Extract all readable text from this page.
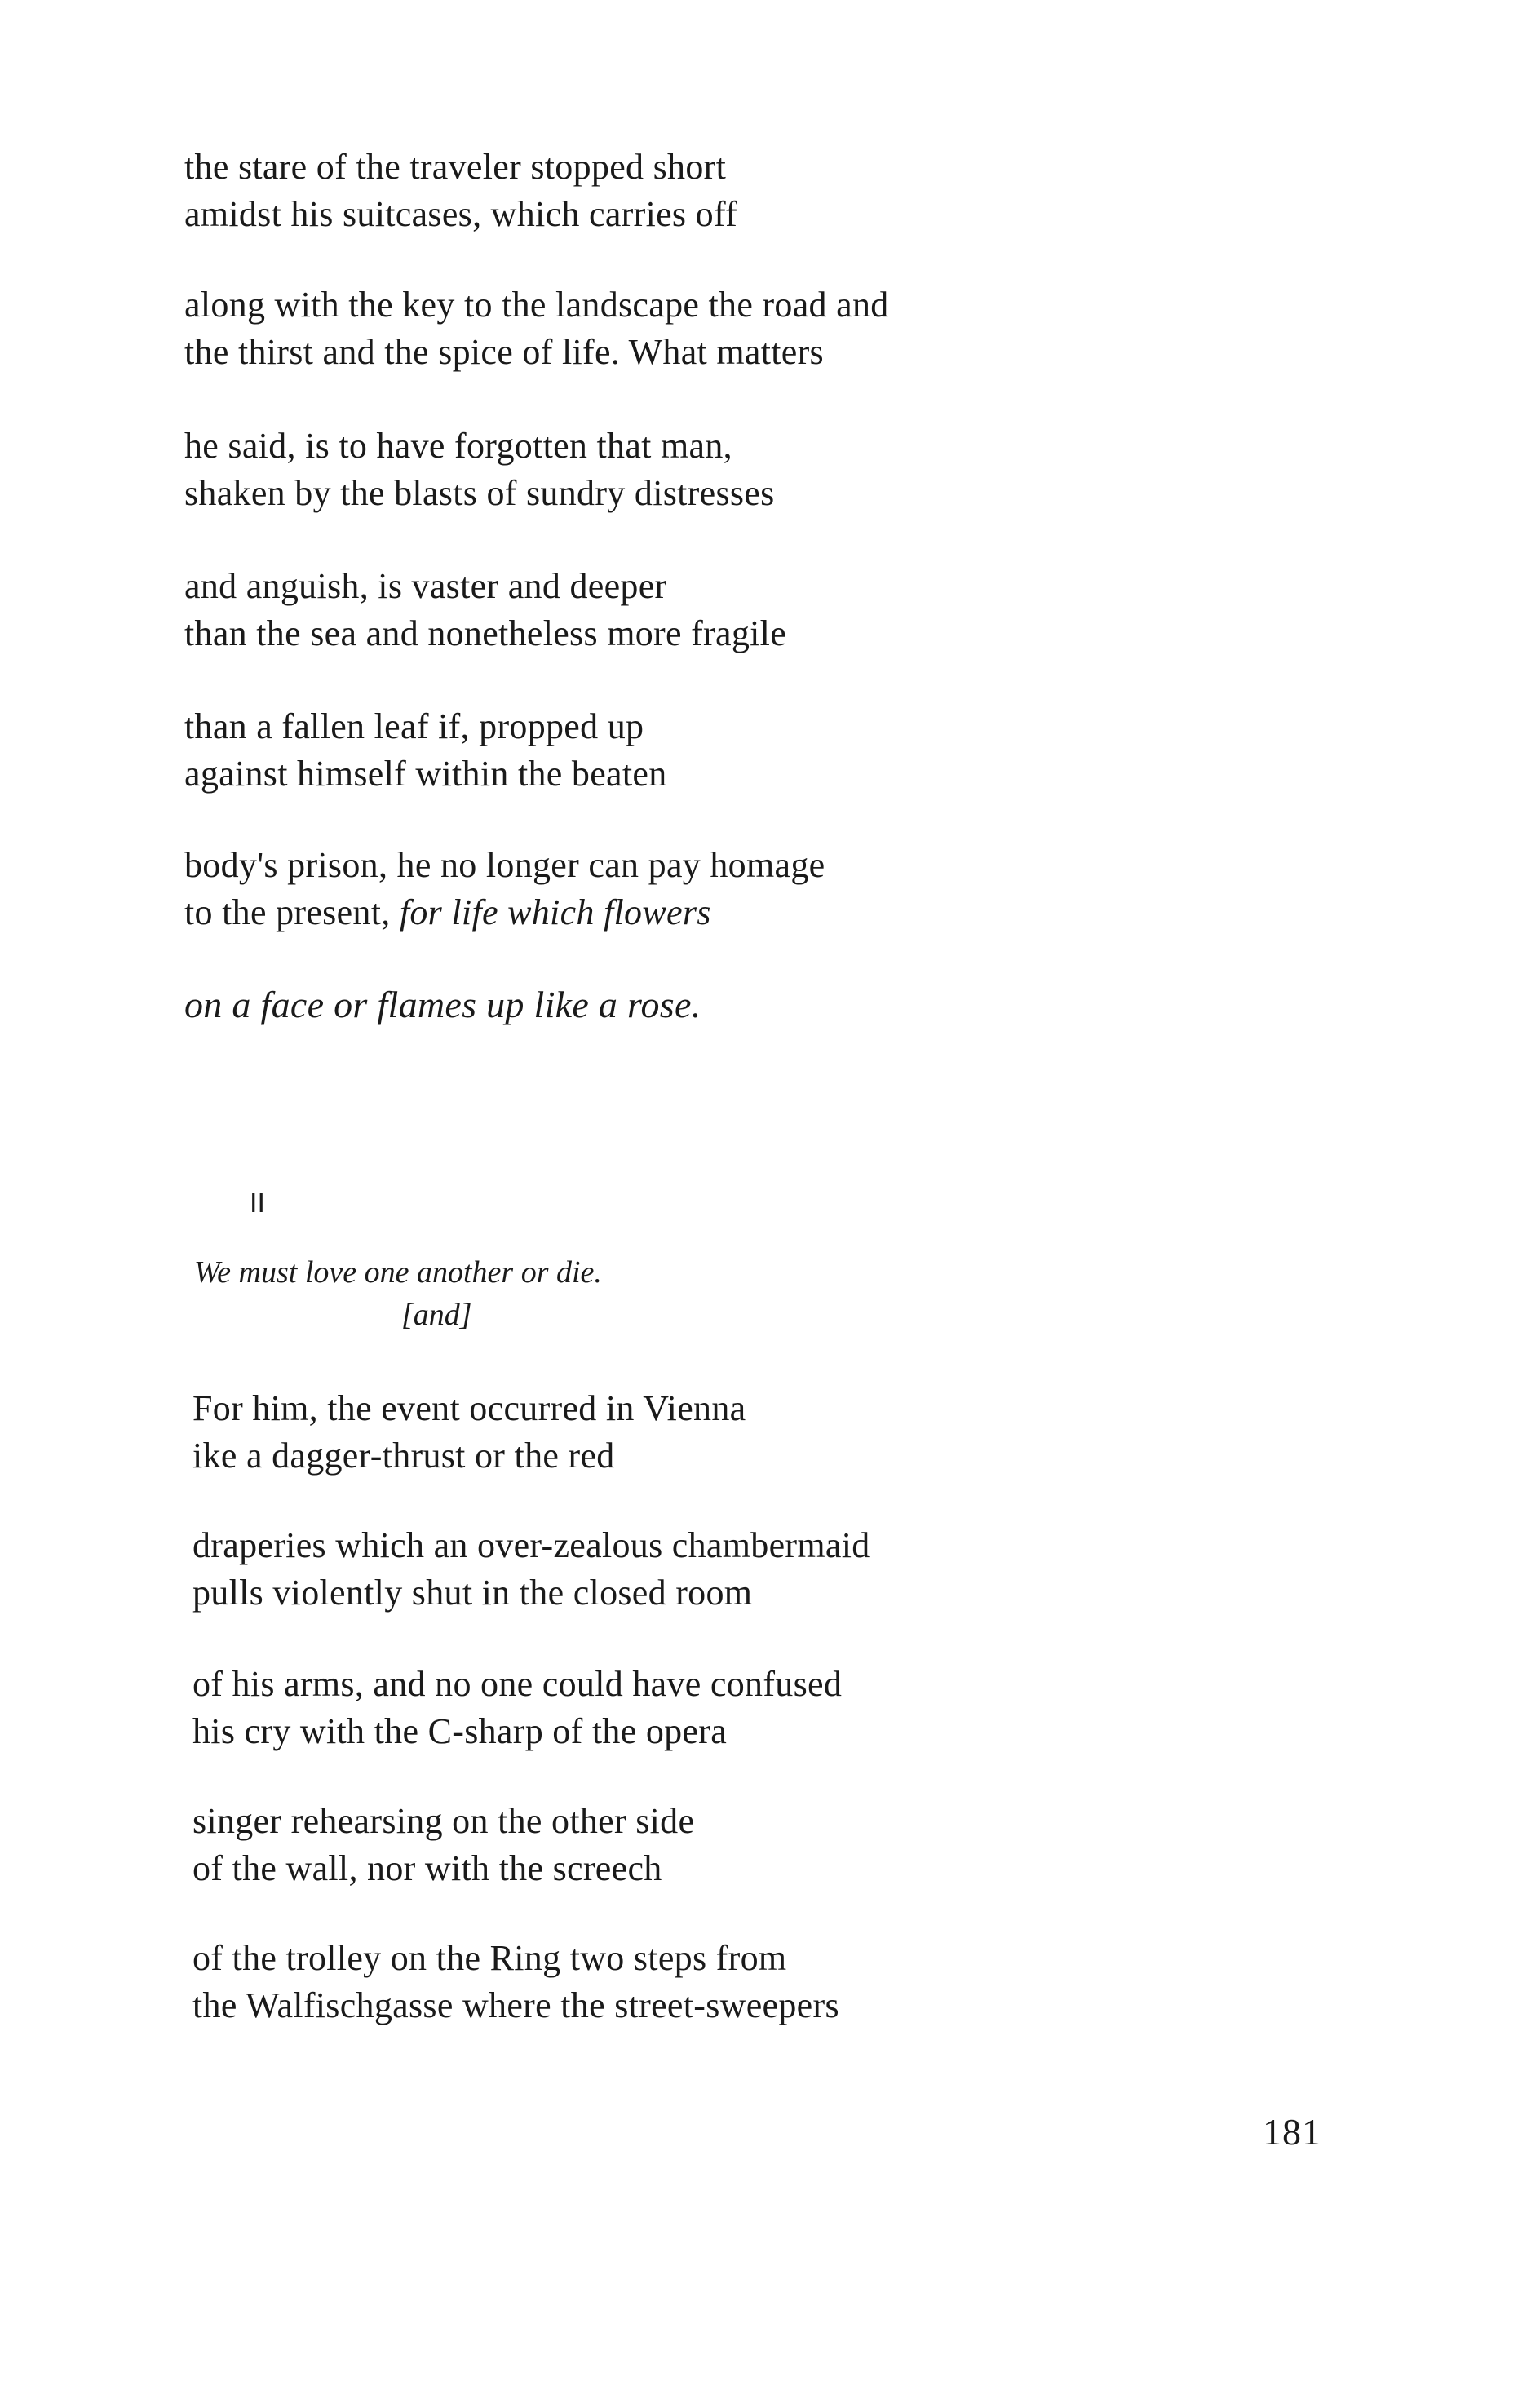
the stare of the traveler stopped short
amidst his suitcases, which carries off
along with the key to the landscape the road and
the thirst and the spice of life. What matters
he said, is to have forgotten that man,
shaken by the blasts of sundry distresses
and anguish, is vaster and deeper
than the sea and nonetheless more fragile
than a fallen leaf if, propped up
against himself within the beaten
body's prison, he no longer can pay homage
to the present, for life which flowers
on a face or flames up like a rose.
II
We must love one another or die.
[and]
For him, the event occurred in Vienna
ike a dagger-thrust or the red
draperies which an over-zealous chambermaid
pulls violently shut in the closed room
of his arms, and no one could have confused
his cry with the C-sharp of the opera
singer rehearsing on the other side
of the wall, nor with the screech
of the trolley on the Ring two steps from
the Walfischgasse where the street-sweepers
181
